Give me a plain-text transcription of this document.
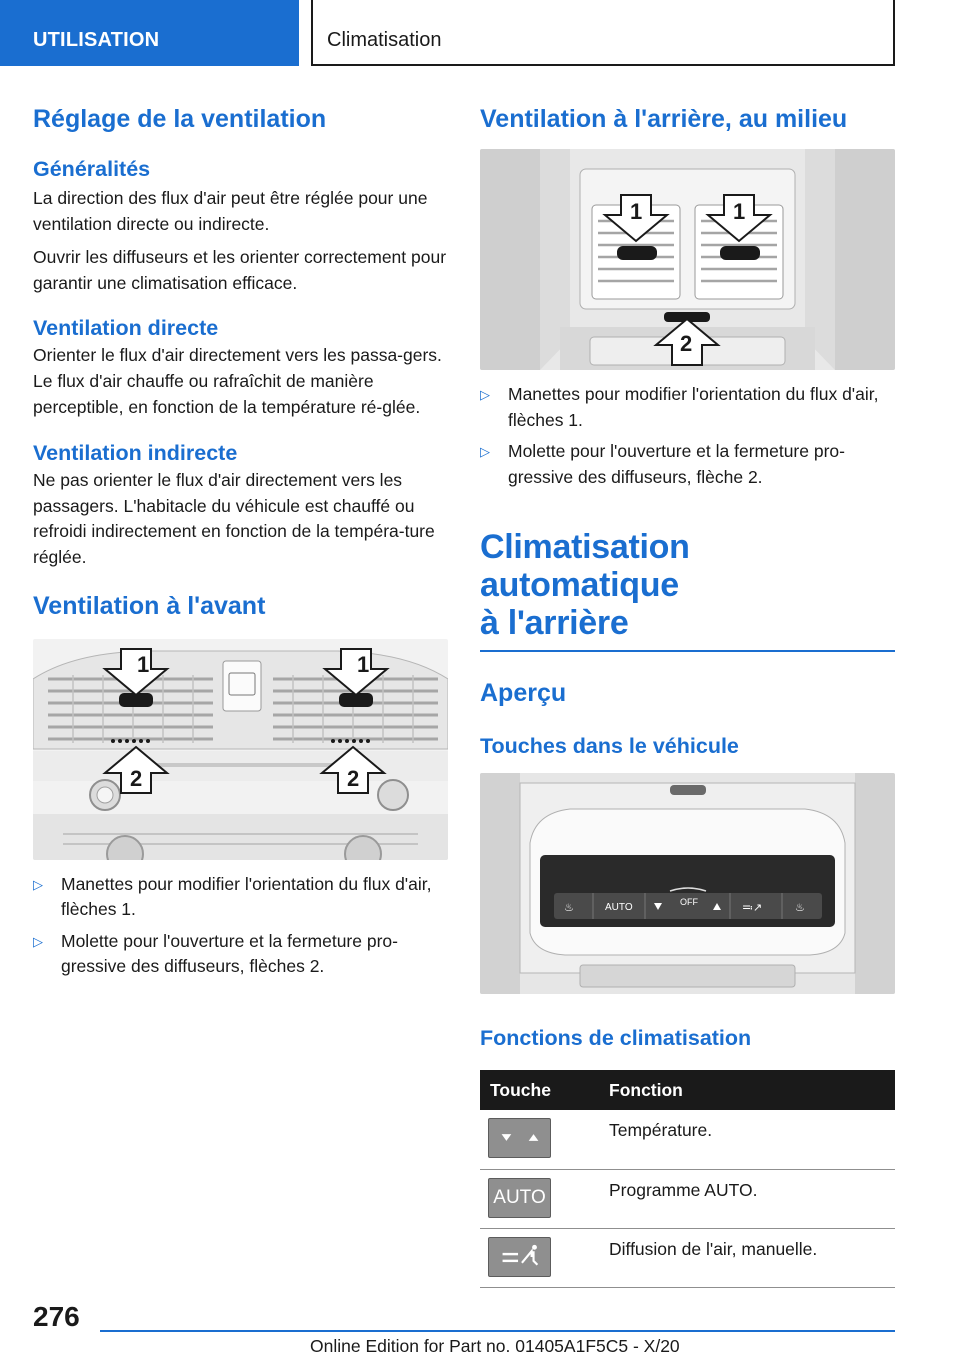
UTILISATION	Climatisation
Réglage de la ventilation
Généralités

La direction des flux d'air peut être réglée pour une ventilation directe ou indirecte.

Ouvrir les diffuseurs et les orienter correctement pour garantir une climatisation efficace.

Ventilation directe

Orienter le flux d'air directement vers les passa-gers. Le flux d'air chauffe ou rafraîchit de manière perceptible, en fonction de la température ré-glée.

Ventilation indirecte

Ne pas orienter le flux d'air directement vers les passagers. L'habitacle du véhicule est chauffé ou refroidi indirectement en fonction de la tempéra-ture réglée.

Ventilation à l'avant
1	1
2	2
▷ Manettes pour modifier l'orientation du flux d'air, flèches 1.
▷ Molette pour l'ouverture et la fermeture pro-gressive des diffuseurs, flèches 2.
Ventilation à l'arrière, au milieu
1	1
2
▷ Manettes pour modifier l'orientation du flux d'air, flèches 1.
▷ Molette pour l'ouverture et la fermeture pro-gressive des diffuseurs, flèche 2.
Climatisation automatique
à l'arrière
Aperçu
Touches dans le véhicule
♨	≕↗	♨
AUTO	OFF
Fonctions de climatisation
Touche	Fonction

	Température.

AUTO	Programme AUTO.

	Diffusion de l'air, manuelle.
276
Online Edition for Part no. 01405A1F5C5 - X/20
